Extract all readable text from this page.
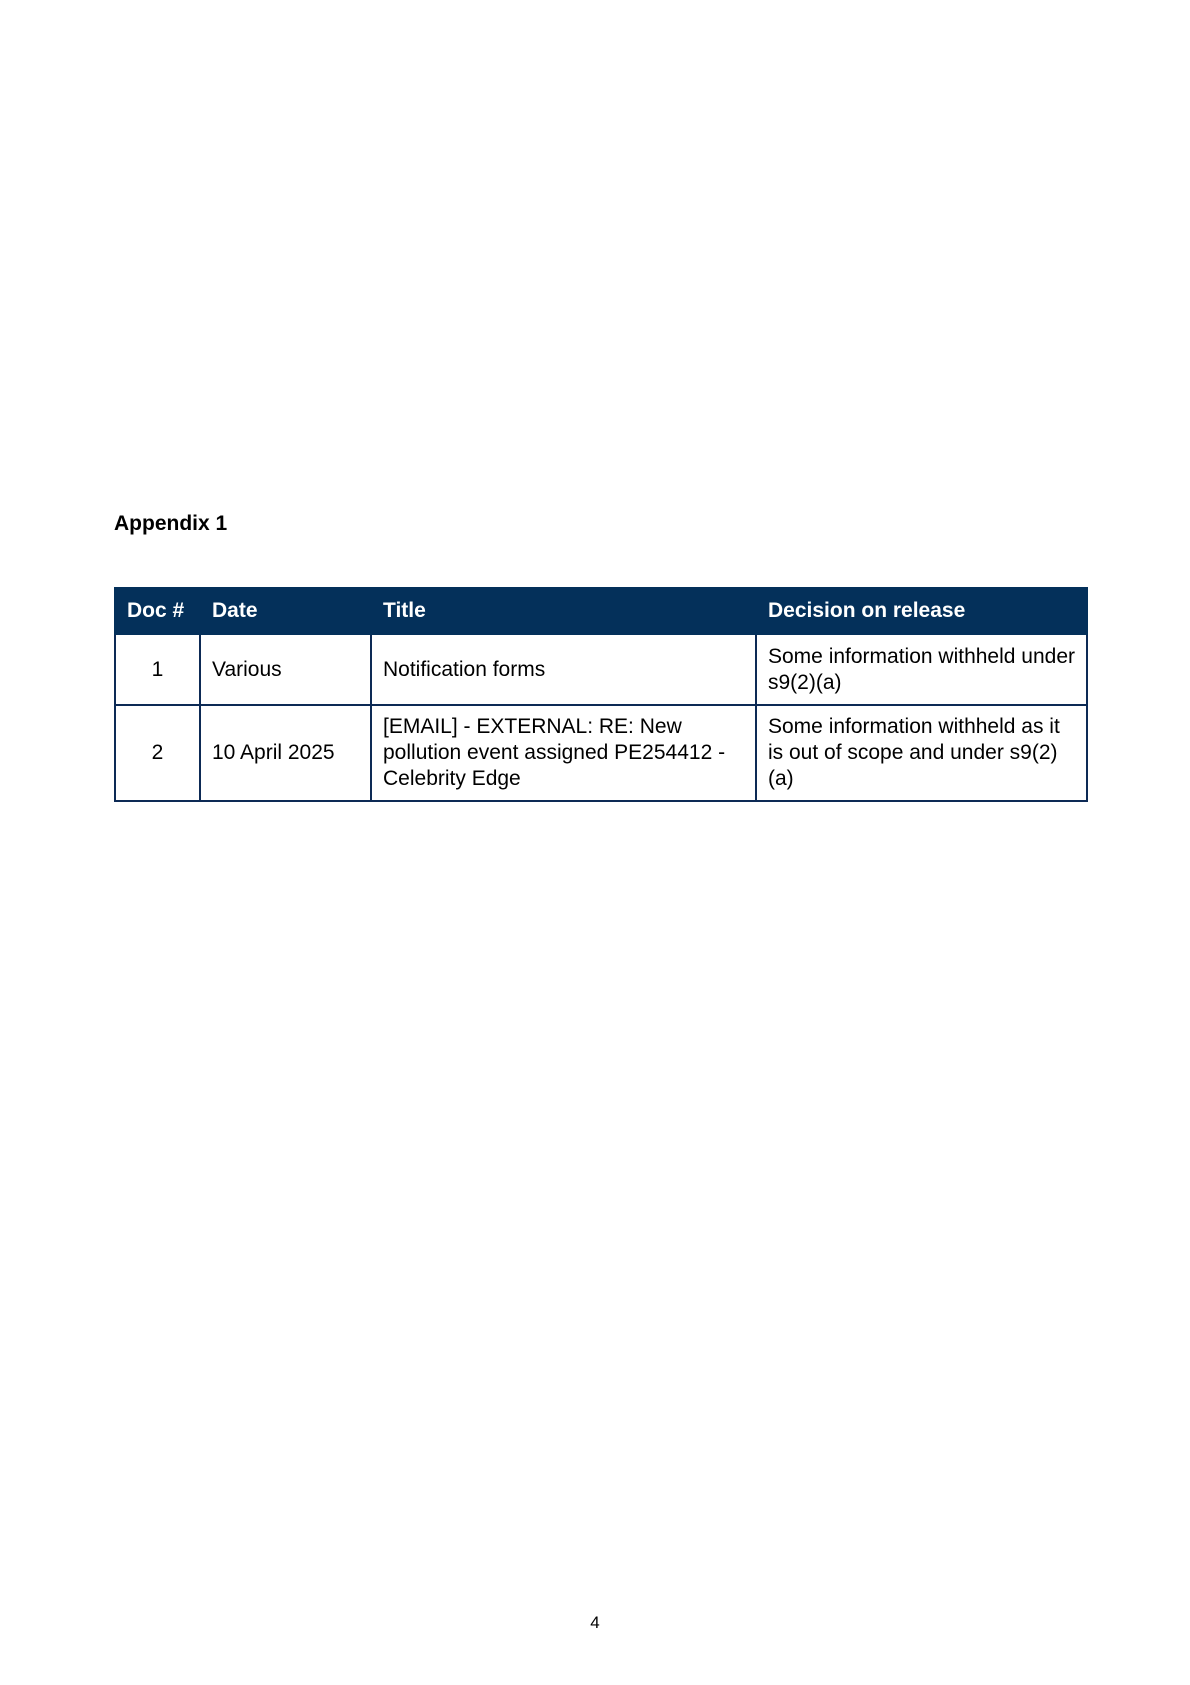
Appendix 1
Doc #	Date	Title	Decision on release
1	Various	Notification forms	Some information withheld under s9(2)(a)
2	10 April 2025	[EMAIL] - EXTERNAL: RE: New pollution event assigned PE254412 - Celebrity Edge	Some information withheld as it is out of scope and under s9(2)(a)
4
